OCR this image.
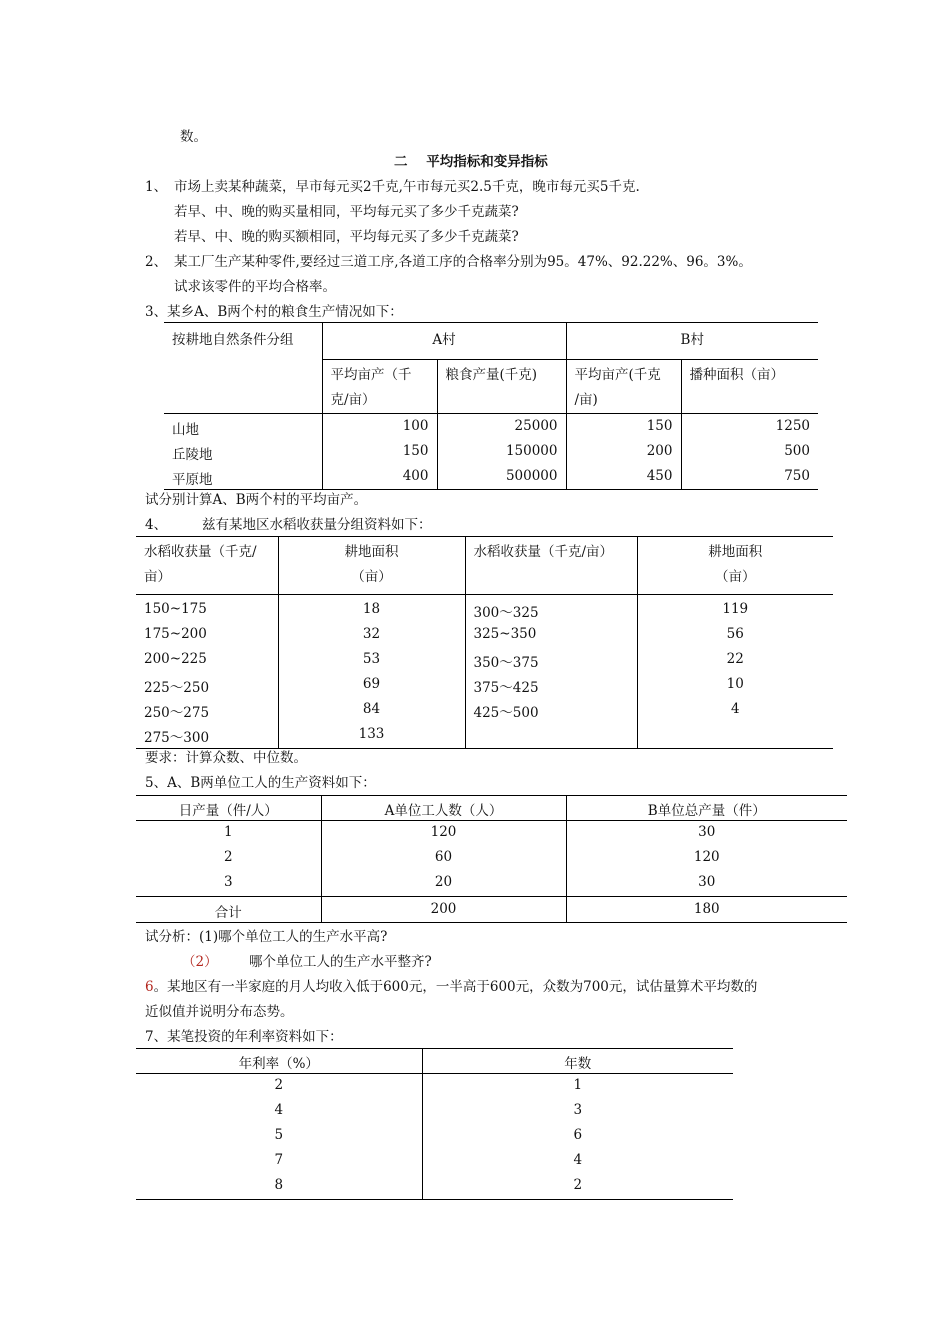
数。
二    平均指标和变异指标
1、 市场上卖某种蔬菜，早市每元买2千克,午市每元买2.5千克，晚市每元买5千克.
若早、中、晚的购买量相同，平均每元买了多少千克蔬菜?
若早、中、晚的购买额相同，平均每元买了多少千克蔬菜?
2、 某工厂生产某种零件,要经过三道工序,各道工序的合格率分别为95。47%、92.22%、96。3%。
试求该零件的平均合格率。
3、某乡A、B两个村的粮食生产情况如下：
按耕地自然条件分组	A村		B村	
	平均亩产（千
克/亩）	粮食产量(千克)	平均亩产(千克
/亩)	播种面积（亩）
山地	100	25000	150	1250
丘陵地	150	150000	200	500
平原地	400	500000	450	750
试分别计算A、B两个村的平均亩产。
4、	兹有某地区水稻收获量分组资料如下：
水稻收获量（千克/
亩）	耕地面积
（亩）	水稻收获量（千克/亩）	耕地面积
（亩）
150~175	18	300～325	119
175~200	32	325~350	56
200~225	53	350～375	22
225～250	69	375～425	10
250～275	84	425～500	4
275～300	133		
要求：计算众数、中位数。
5、A、B两单位工人的生产资料如下：
日产量（件/人）	A单位工人数（人）	B单位总产量（件）
1	120	30
2	60	120
3	20	30
合计	200	180
试分析：(1)哪个单位工人的生产水平高?
（2） 哪个单位工人的生产水平整齐?
6。某地区有一半家庭的月人均收入低于600元，一半高于600元，众数为700元，试估量算术平均数的
近似值并说明分布态势。
7、某笔投资的年利率资料如下：
年利率（%）	年数
2	1
4	3
5	6
7	4
8	2
